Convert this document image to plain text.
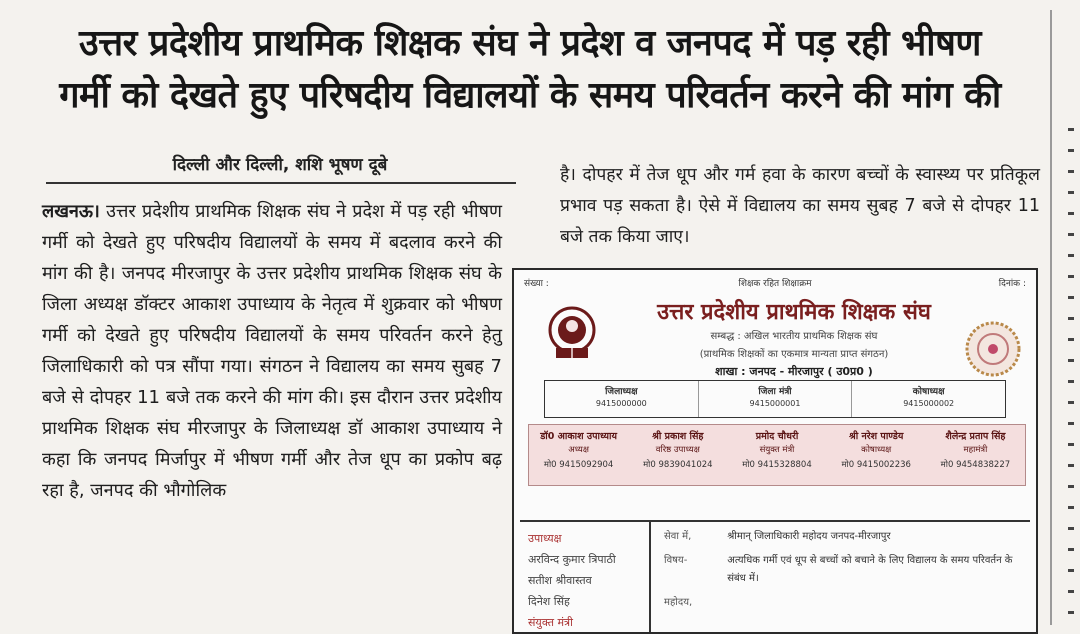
उत्तर प्रदेशीय प्राथमिक शिक्षक संघ ने प्रदेश व जनपद में पड़ रही भीषण
गर्मी को देखते हुए परिषदीय विद्यालयों के समय परिवर्तन करने की मांग की
दिल्ली और दिल्ली, शशि भूषण दूबे
लखनऊ। उत्तर प्रदेशीय प्राथमिक शिक्षक संघ ने प्रदेश में पड़ रही भीषण गर्मी को देखते हुए परिषदीय विद्यालयों के समय में बदलाव करने की मांग की है। जनपद मीरजापुर के उत्तर प्रदेशीय प्राथमिक शिक्षक संघ के जिला अध्यक्ष डॉक्टर आकाश उपाध्याय के नेतृत्व में शुक्रवार को भीषण गर्मी को देखते हुए परिषदीय विद्यालयों के समय परिवर्तन करने हेतु जिलाधिकारी को पत्र सौंपा गया। संगठन ने विद्यालय का समय सुबह 7 बजे से दोपहर 11 बजे तक करने की मांग की। इस दौरान उत्तर प्रदेशीय प्राथमिक शिक्षक संघ मीरजापुर के जिलाध्यक्ष डॉ आकाश उपाध्याय ने कहा कि जनपद मिर्जापुर में भीषण गर्मी और तेज धूप का प्रकोप बढ़ रहा है, जनपद की भौगोलिक
है। दोपहर में तेज धूप और गर्म हवा के कारण बच्चों के स्वास्थ्य पर प्रतिकूल प्रभाव पड़ सकता है। ऐसे में विद्यालय का समय सुबह 7 बजे से दोपहर 11 बजे तक किया जाए।
संख्या :	शिक्षक रहित शिक्षाक्रम	दिनांक :
उत्तर प्रदेशीय प्राथमिक शिक्षक संघ
सम्बद्ध : अखिल भारतीय प्राथमिक शिक्षक संघ
(प्राथमिक शिक्षकों का एकमात्र मान्यता प्राप्त संगठन)
शाखा : जनपद - मीरजापुर ( उ0प्र0 )
जिलाध्यक्ष
9415000000
जिला मंत्री
9415000001
कोषाध्यक्ष
9415000002
डॉ0 आकाश उपाध्याय
अध्यक्ष
मो0 9415092904
श्री प्रकाश सिंह
वरिष्ठ उपाध्यक्ष
मो0 9839041024
प्रमोद चौधरी
संयुक्त मंत्री
मो0 9415328804
श्री नरेश पाण्डेय
कोषाध्यक्ष
मो0 9415002236
शैलेन्द्र प्रताप सिंह
महामंत्री
मो0 9454838227
उपाध्यक्ष
अरविन्द कुमार त्रिपाठी
सतीश श्रीवास्तव
दिनेश सिंह
संयुक्त मंत्री
सेवा में,	श्रीमान् जिलाधिकारी महोदय जनपद-मीरजापुर
विषय-	अत्यधिक गर्मी एवं धूप से बच्चों को बचाने के लिए विद्यालय के समय परिवर्तन के संबंध में।
महोदय,
